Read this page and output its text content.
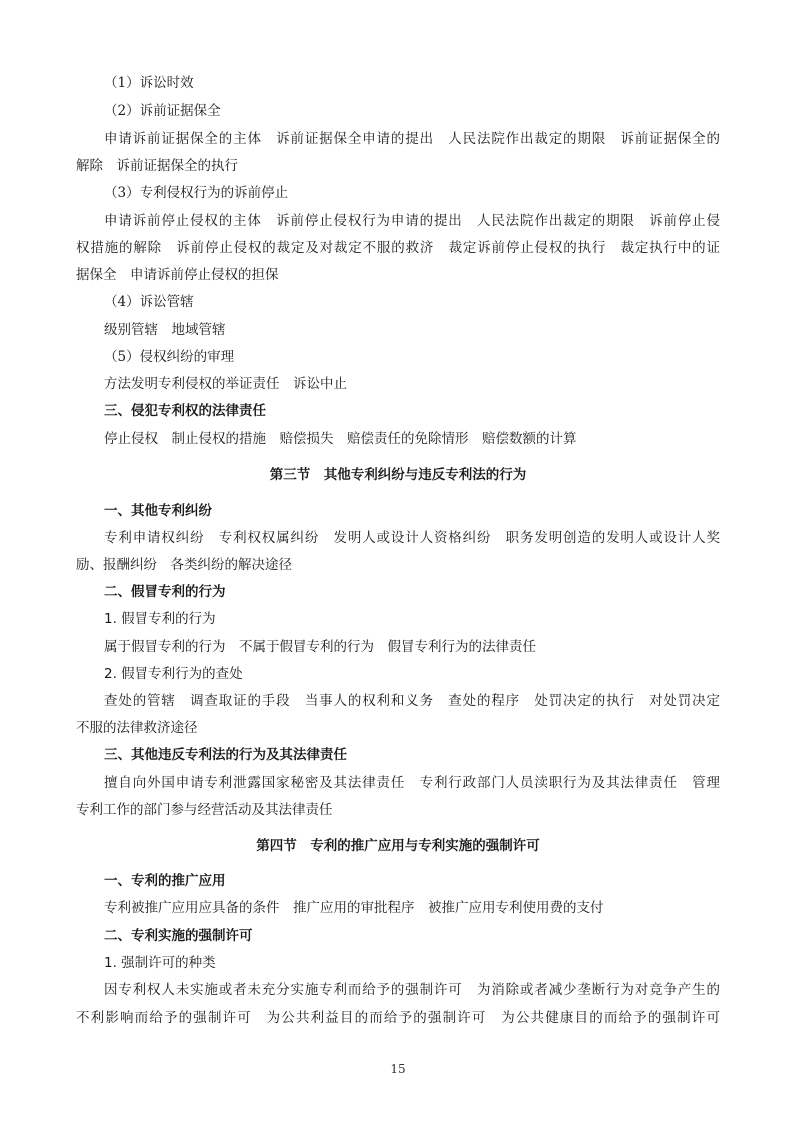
（1）诉讼时效
（2）诉前证据保全
申请诉前证据保全的主体　诉前证据保全申请的提出　人民法院作出裁定的期限　诉前证据保全的
解除　诉前证据保全的执行
（3）专利侵权行为的诉前停止
申请诉前停止侵权的主体　诉前停止侵权行为申请的提出　人民法院作出裁定的期限　诉前停止侵
权措施的解除　诉前停止侵权的裁定及对裁定不服的救济　裁定诉前停止侵权的执行　裁定执行中的证
据保全　申请诉前停止侵权的担保
（4）诉讼管辖
级别管辖　地域管辖
（5）侵权纠纷的审理
方法发明专利侵权的举证责任　诉讼中止
三、侵犯专利权的法律责任
停止侵权　制止侵权的措施　赔偿损失　赔偿责任的免除情形　赔偿数额的计算
第三节　其他专利纠纷与违反专利法的行为
一、其他专利纠纷
专利申请权纠纷　专利权权属纠纷　发明人或设计人资格纠纷　职务发明创造的发明人或设计人奖
励、报酬纠纷　各类纠纷的解决途径
二、假冒专利的行为
1. 假冒专利的行为
属于假冒专利的行为　不属于假冒专利的行为　假冒专利行为的法律责任
2. 假冒专利行为的查处
查处的管辖　调查取证的手段　当事人的权利和义务　查处的程序　处罚决定的执行　对处罚决定
不服的法律救济途径
三、其他违反专利法的行为及其法律责任
擅自向外国申请专利泄露国家秘密及其法律责任　专利行政部门人员渎职行为及其法律责任　管理
专利工作的部门参与经营活动及其法律责任
第四节　专利的推广应用与专利实施的强制许可
一、专利的推广应用
专利被推广应用应具备的条件　推广应用的审批程序　被推广应用专利使用费的支付
二、专利实施的强制许可
1. 强制许可的种类
因专利权人未实施或者未充分实施专利而给予的强制许可　为消除或者减少垄断行为对竞争产生的
不利影响而给予的强制许可　为公共利益目的而给予的强制许可　为公共健康目的而给予的强制许可
15
